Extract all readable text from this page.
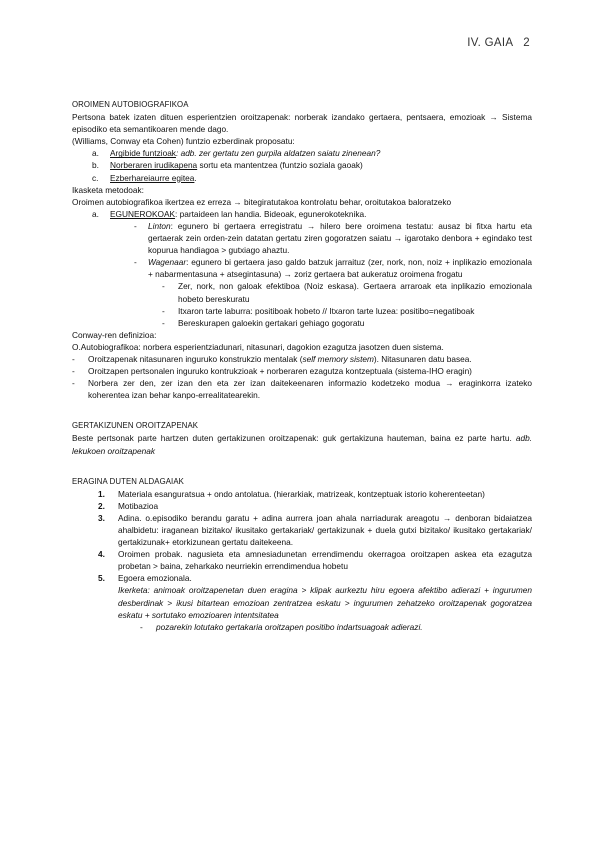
IV. GAIA 2
OROIMEN AUTOBIOGRAFIKOA
Pertsona batek izaten dituen esperientzien oroitzapenak: norberak izandako gertaera, pentsaera, emozioak → Sistema episodiko eta semantikoaren mende dago.
(Williams, Conway eta Cohen) funtzio ezberdinak proposatu:
a.	Argibide funtzioak: adb. zer gertatu zen gurpila aldatzen saiatu zinenean?
b.	Norberaren irudikapena sortu eta mantentzea (funtzio soziala gaoak)
c.	Ezberhareiaurre egitea.
Ikasketa metodoak:
Oroimen autobiografikoa ikertzea ez erreza → bitegiratutakoa kontrolatu behar, oroitutakoa baloratzeko
a.	EGUNEROKOAK: partaideen lan handia. Bideoak, egunerokoteknika.
-	Linton: egunero bi gertaera erregistratu → hilero bere oroimena testatu: ausaz bi fitxa hartu eta gertaerak zein orden-zein datatan gertatu ziren gogoratzen saiatu → igarotako denbora + egindako test kopurua handiagoa > gutxiago ahaztu.
-	Wagenaar: egunero bi gertaera jaso galdo batzuk jarraituz (zer, nork, non, noiz + inplikazio emozionala + nabarmentasuna + atsegintasuna) → zoriz gertaera bat aukeratuz oroimena frogatu
-	Zer, nork, non galoak efektiboa (Noiz eskasa). Gertaera arraroak eta inplikazio emozionala hobeto bereskuratu
-	Itxaron tarte laburra: positiboak hobeto // Itxaron tarte luzea: positibo=negatiboak
-	Bereskurapen galoekin gertakari gehiago gogoratu
Conway-ren definizioa:
O.Autobiografikoa: norbera esperientziadunari, nitasunari, dagokion ezagutza jasotzen duen sistema.
-	Oroitzapenak nitasunaren inguruko konstrukzio mentalak (self memory sistem). Nitasunaren datu basea.
-	Oroitzapen pertsonalen inguruko kontrukzioak + norberaren ezagutza kontzeptuala (sistema-IHO eragin)
-	Norbera zer den, zer izan den eta zer izan daitekeenaren informazio kodetzeko modua → eraginkorra izateko koherentea izan behar kanpo-errealitatearekin.
GERTAKIZUNEN OROITZAPENAK
Beste pertsonak parte hartzen duten gertakizunen oroitzapenak: guk gertakizuna hauteman, baina ez parte hartu. adb. lekukoen oroitzapenak
ERAGINA DUTEN ALDAGAIAK
1.	Materiala esanguratsua + ondo antolatua. (hierarkiak, matrizeak, kontzeptuak istorio koherenteetan)
2.	Motibazioa
3.	Adina. o.episodiko berandu garatu + adina aurrera joan ahala narriadurak areagotu → denboran bidaiatzea ahalbidetu: iraganean bizitako/ ikusitako gertakariak/ gertakizunak + duela gutxi bizitako/ ikusitako gertakariak/ gertakizunak+ etorkizunean gertatu daitekeena.
4.	Oroimen probak. nagusieta eta amnesiadunetan errendimendu okerragoa oroitzapen askea eta ezagutza probetan > baina, zeharkako neurriekin errendimendua hobetu
5.	Egoera emozionala.
Ikerketa: animoak oroitzapenetan duen eragina > klipak aurkeztu hiru egoera afektibo adierazi + ingurumen desberdinak > ikusi bitartean emozioan zentratzea eskatu > ingurumen zehatzeko oroitzapenak gogoratzea eskatu + sortutako emozioaren intentsitatea
-	pozarekin lotutako gertakaria oroitzapen positibo indartsuagoak adierazi.
